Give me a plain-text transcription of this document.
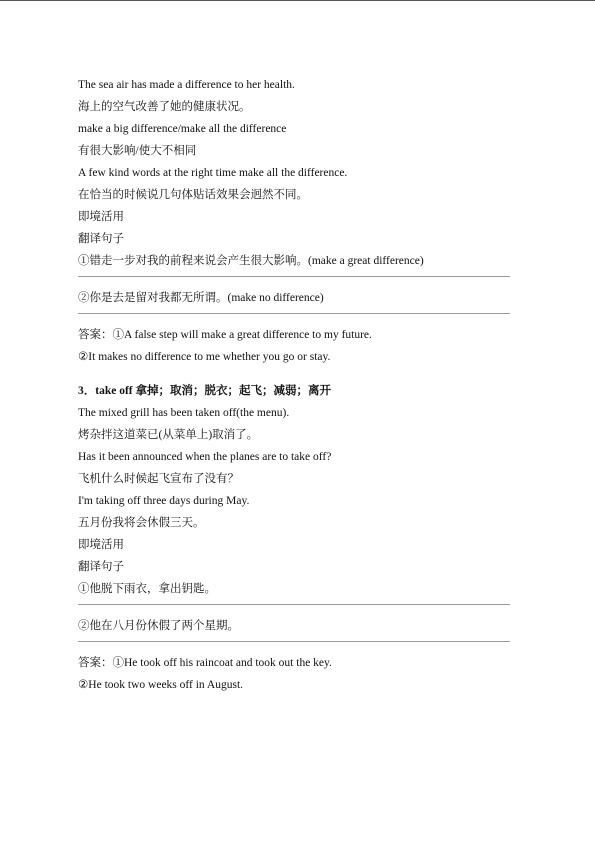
The sea air has made a difference to her health.
海上的空气改善了她的健康状况。
make a big difference/make all the difference
有很大影响/使大不相同
A few kind words at the right time make all the difference.
在恰当的时候说几句体贴话效果会迥然不同。
即境活用
翻译句子
①错走一步对我的前程来说会产生很大影响。(make a great difference)
②你是去是留对我都无所谓。(make no difference)
答案：①A false step will make a great difference to my future.
②It makes no difference to me whether you go or stay.
3．take off 拿掉；取消；脱衣；起飞；减弱；离开
The mixed grill has been taken off(the menu).
烤杂拌这道菜已(从菜单上)取消了。
Has it been announced when the planes are to take off?
飞机什么时候起飞宣布了没有？
I'm taking off three days during May.
五月份我将会休假三天。
即境活用
翻译句子
①他脱下雨衣，拿出钥匙。
②他在八月份休假了两个星期。
答案：①He took off his raincoat and took out the key.
②He took two weeks off in August.
